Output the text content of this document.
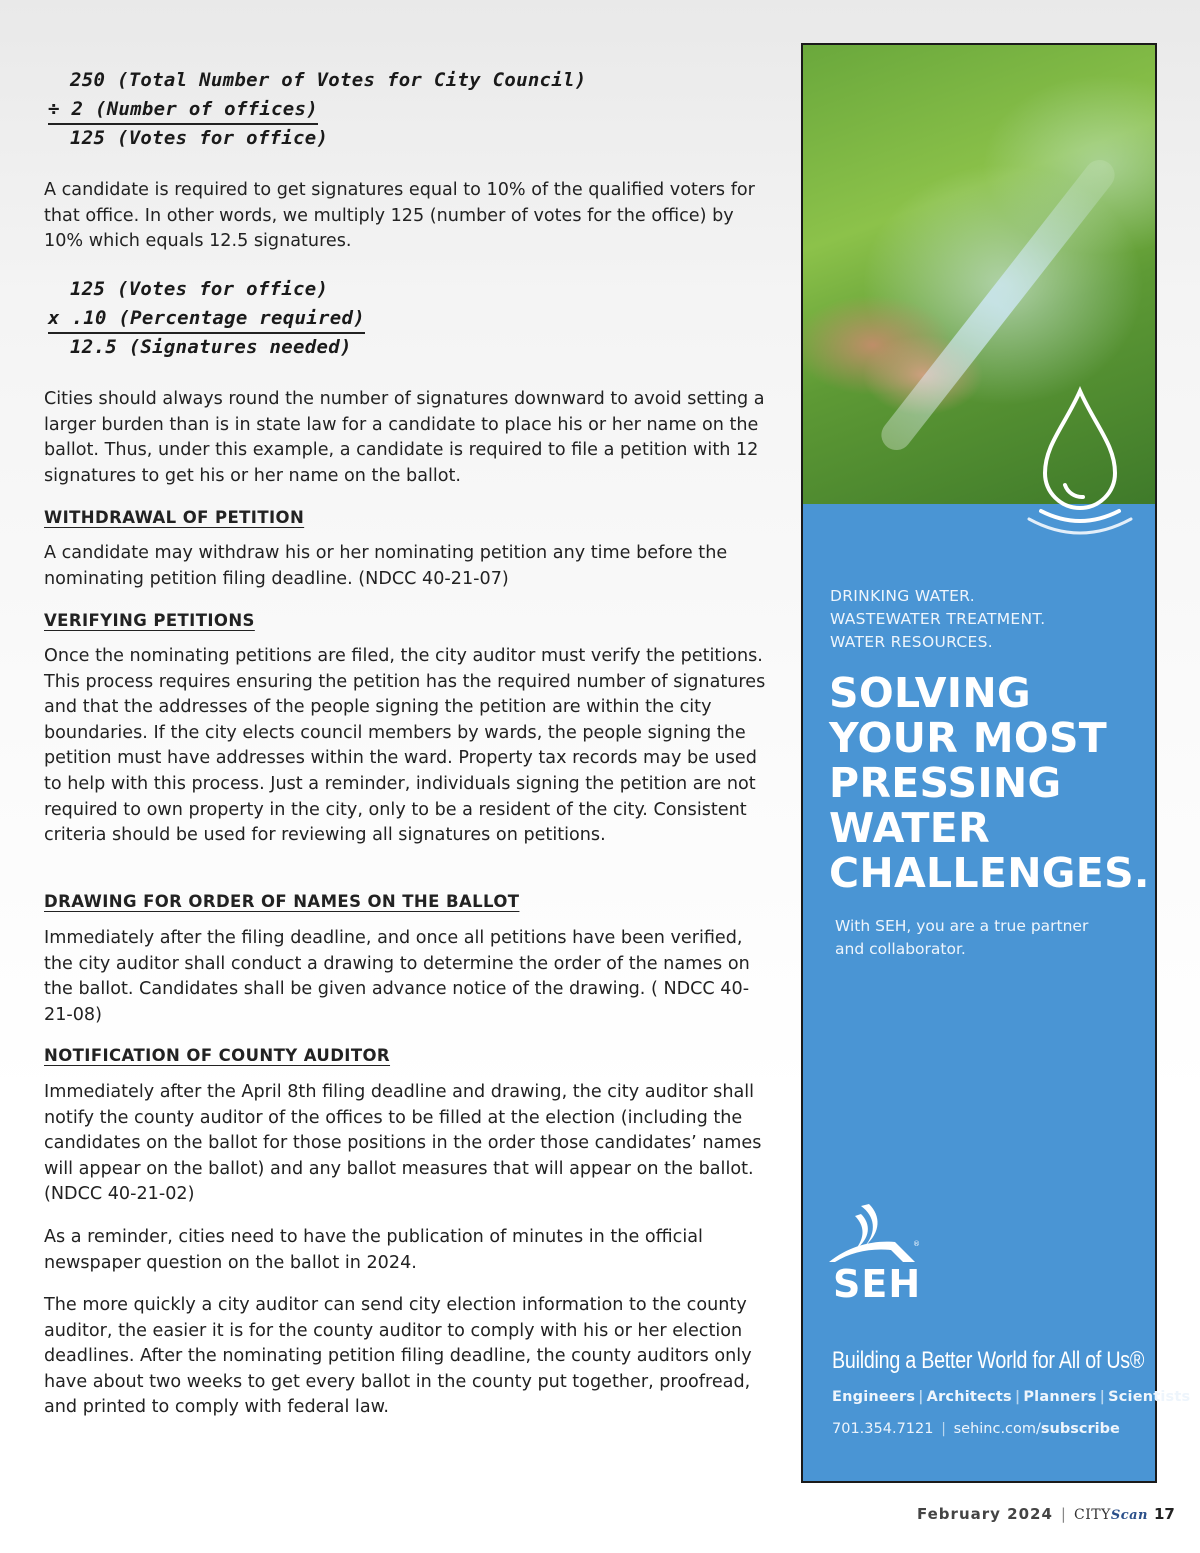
250 (Total Number of Votes for City Council)
÷ 2 (Number of offices)
125 (Votes for office)

A candidate is required to get signatures equal to 10% of the qualified voters for that office. In other words, we multiply 125 (number of votes for the office) by 10% which equals 12.5 signatures.

Cities should always round the number of signatures downward to avoid setting a larger burden than is in state law for a candidate to place his or her name on the ballot. Thus, under this example, a candidate is required to file a petition with 12 signatures to get his or her name on the ballot.

WITHDRAWAL OF PETITION

A candidate may withdraw his or her nominating petition any time before the nominating petition filing deadline. (NDCC 40-21-07)

VERIFYING PETITIONS

Once the nominating petitions are filed, the city auditor must verify the petitions. This process requires ensuring the petition has the required number of signatures and that the addresses of the people signing the petition are within the city boundaries. If the city elects council members by wards, the people signing the petition must have addresses within the ward. Property tax records may be used to help with this process. Just a reminder, individuals signing the petition are not required to own property in the city, only to be a resident of the city. Consistent criteria should be used for reviewing all signatures on petitions.

DRAWING FOR ORDER OF NAMES ON THE BALLOT

Immediately after the filing deadline, and once all petitions have been verified, the city auditor shall conduct a drawing to determine the order of the names on the ballot. Candidates shall be given advance notice of the drawing. ( NDCC 40-21-08)

NOTIFICATION OF COUNTY AUDITOR

Immediately after the April 8th filing deadline and drawing, the city auditor shall notify the county auditor of the offices to be filled at the election (including the candidates on the ballot for those positions in the order those candidates’ names will appear on the ballot) and any ballot measures that will appear on the ballot. (NDCC 40-21-02)

As a reminder, cities need to have the publication of minutes in the official newspaper question on the ballot in 2024.

The more quickly a city auditor can send city election information to the county auditor, the easier it is for the county auditor to comply with his or her election deadlines. After the nominating petition filing deadline, the county auditors only have about two weeks to get every ballot in the county put together, proofread, and printed to comply with federal law.

125 (Votes for office)
x .10 (Percentage required)
12.5 (Signatures needed)
DRINKING WATER.
WASTEWATER TREATMENT.
WATER RESOURCES.
SOLVING
YOUR MOST
PRESSING
WATER
CHALLENGES.
With SEH, you are a true partner
and collaborator.
®
SEH
Building a Better World for All of Us®
Engineers | Architects | Planners | Scientists
701.354.7121 | sehinc.com/subscribe
February 2024 | CITYScan 17
